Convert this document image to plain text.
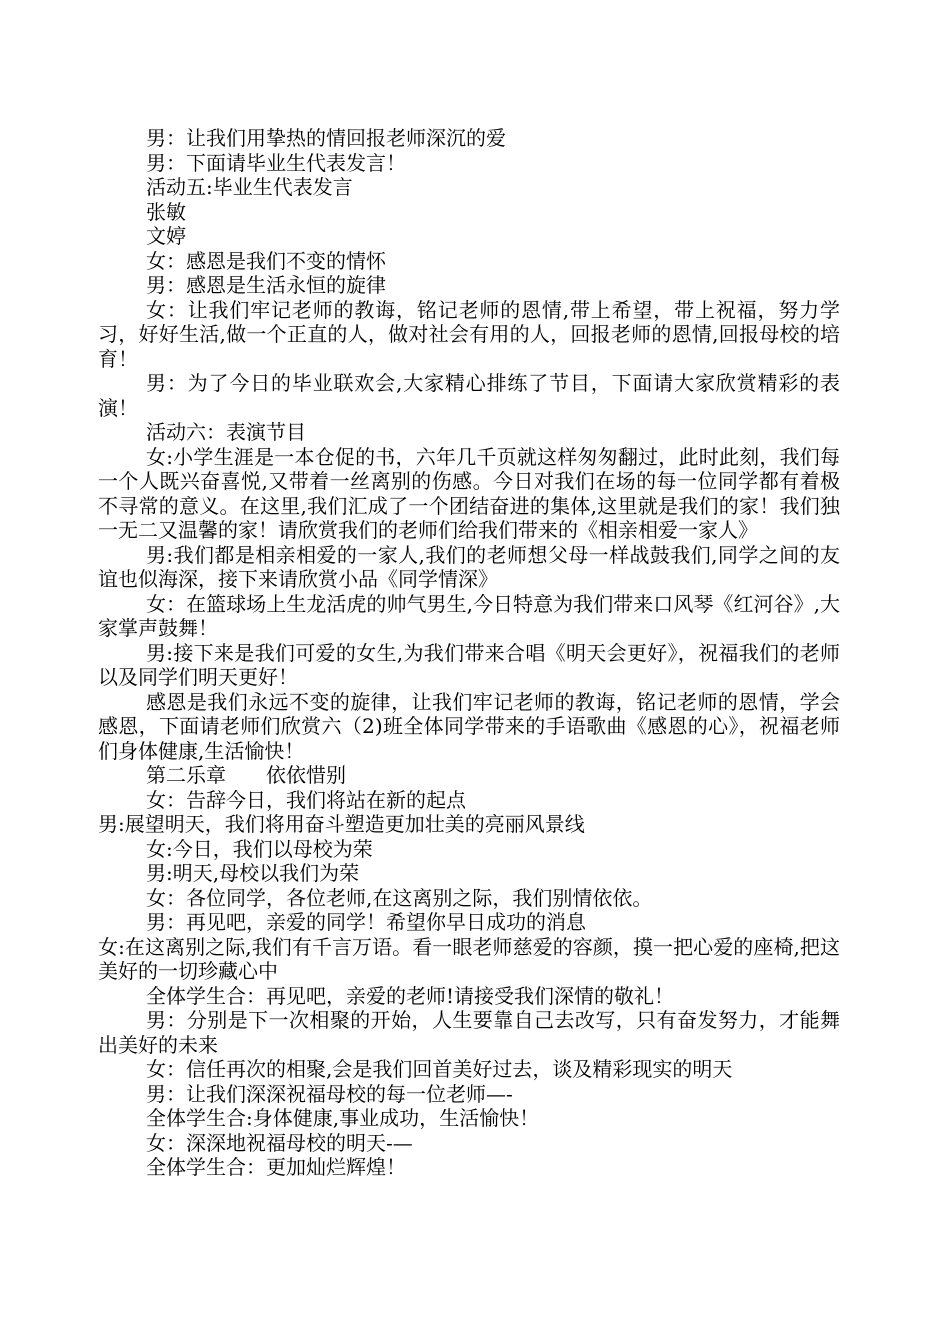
男：让我们用挚热的情回报老师深沉的爱

男：下面请毕业生代表发言！

活动五:毕业生代表发言

张敏

文婷

女：感恩是我们不变的情怀

男：感恩是生活永恒的旋律

女：让我们牢记老师的教诲，铭记老师的恩情,带上希望，带上祝福，努力学习，好好生活,做一个正直的人，做对社会有用的人，回报老师的恩情,回报母校的培育！

男：为了今日的毕业联欢会,大家精心排练了节目，下面请大家欣赏精彩的表演！

活动六：表演节目

女:小学生涯是一本仓促的书，六年几千页就这样匆匆翻过，此时此刻，我们每一个人既兴奋喜悦,又带着一丝离别的伤感。今日对我们在场的每一位同学都有着极不寻常的意义。在这里,我们汇成了一个团结奋进的集体,这里就是我们的家！我们独一无二又温馨的家！请欣赏我们的老师们给我们带来的《相亲相爱一家人》

男:我们都是相亲相爱的一家人,我们的老师想父母一样战鼓我们,同学之间的友谊也似海深，接下来请欣赏小品《同学情深》

女：在篮球场上生龙活虎的帅气男生,今日特意为我们带来口风琴《红河谷》,大家掌声鼓舞！

男:接下来是我们可爱的女生,为我们带来合唱《明天会更好》，祝福我们的老师以及同学们明天更好！

感恩是我们永远不变的旋律，让我们牢记老师的教诲，铭记老师的恩情，学会感恩，下面请老师们欣赏六（2)班全体同学带来的手语歌曲《感恩的心》，祝福老师们身体健康,生活愉快！

第二乐章　　依依惜别

女：告辞今日，我们将站在新的起点

男:展望明天，我们将用奋斗塑造更加壮美的亮丽风景线

女:今日，我们以母校为荣

男:明天,母校以我们为荣

女：各位同学，各位老师,在这离别之际，我们别情依依。

男：再见吧，亲爱的同学！希望你早日成功的消息

女:在这离别之际,我们有千言万语。看一眼老师慈爱的容颜，摸一把心爱的座椅,把这美好的一切珍藏心中

全体学生合：再见吧，亲爱的老师!请接受我们深情的敬礼！

男：分别是下一次相聚的开始，人生要靠自己去改写，只有奋发努力，才能舞出美好的未来

女：信任再次的相聚,会是我们回首美好过去，谈及精彩现实的明天

男：让我们深深祝福母校的每一位老师—-

全体学生合:身体健康,事业成功，生活愉快！

女：深深地祝福母校的明天-—

全体学生合：更加灿烂辉煌！
